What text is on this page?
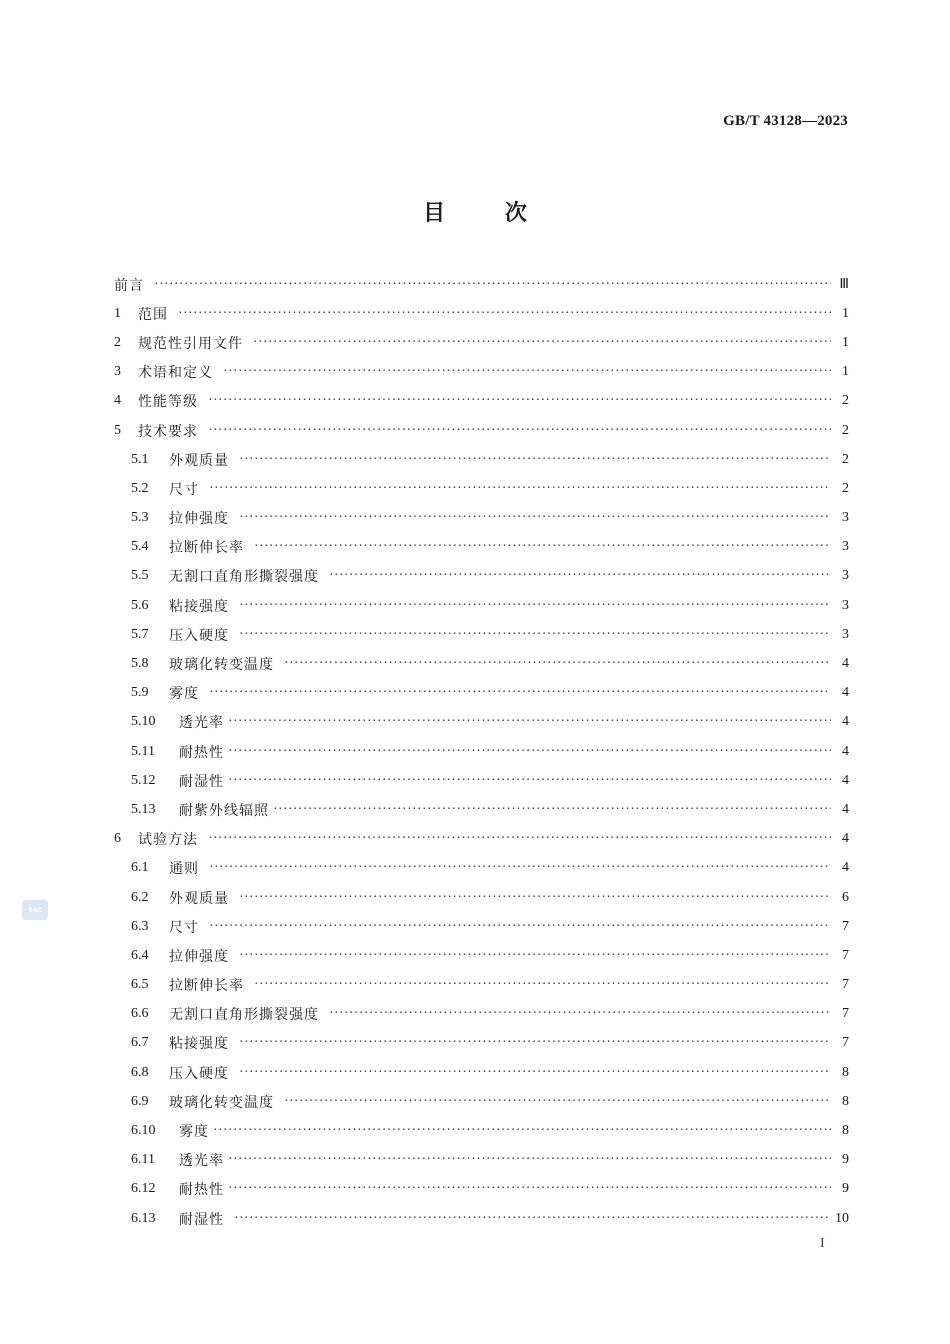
GB/T 43128—2023
目 次
前言 ·····	Ⅲ
1	范围 ·····	1
2	规范性引用文件 ·····	1
3	术语和定义 ·····	1
4	性能等级 ·····	2
5	技术要求 ·····	2
5.1	外观质量 ·····	2
5.2	尺寸 ·····	2
5.3	拉伸强度 ·····	3
5.4	拉断伸长率 ·····	3
5.5	无割口直角形撕裂强度 ·····	3
5.6	粘接强度 ·····	3
5.7	压入硬度 ·····	3
5.8	玻璃化转变温度 ·····	4
5.9	雾度 ·····	4
5.10	透光率 ·····	4
5.11	耐热性 ·····	4
5.12	耐湿性 ·····	4
5.13	耐紫外线辐照 ·····	4
6	试验方法 ·····	4
6.1	通则 ·····	4
6.2	外观质量 ·····	6
6.3	尺寸 ·····	7
6.4	拉伸强度 ·····	7
6.5	拉断伸长率 ·····	7
6.6	无割口直角形撕裂强度 ·····	7
6.7	粘接强度 ·····	7
6.8	压入硬度 ·····	8
6.9	玻璃化转变温度 ·····	8
6.10	雾度 ·····	8
6.11	透光率 ·····	9
6.12	耐热性 ·····	9
6.13	耐湿性 ·····	10
I
SAC
